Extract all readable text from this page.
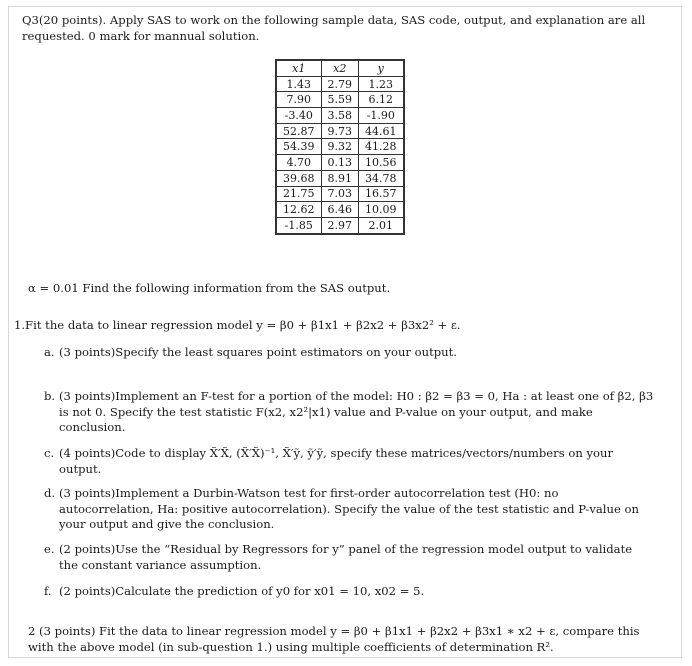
Q3(20 points). Apply SAS to work on the following sample data, SAS code, output, and explanation are all requested. 0 mark for mannual solution.
x1	x2	y
1.43	2.79	1.23
7.90	5.59	6.12
-3.40	3.58	-1.90
52.87	9.73	44.61
54.39	9.32	41.28
4.70	0.13	10.56
39.68	8.91	34.78
21.75	7.03	16.57
12.62	6.46	10.09
-1.85	2.97	2.01
α = 0.01 Find the following information from the SAS output.
1.Fit the data to linear regression model y = β0 + β1x1 + β2x2 + β3x2² + ε.
a. (3 points)Specify the least squares point estimators on your output.
b. (3 points)Implement an F-test for a portion of the model: H0 : β2 = β3 = 0, Ha : at least one of β2, β3 is not 0. Specify the test statistic F(x2, x2²|x1) value and P-value on your output, and make conclusion.
c. (4 points)Code to display X̃′X̃, (X̃′X̃)⁻¹, X̃′ỹ, ỹ′ỹ, specify these matrices/vectors/numbers on your output.
d. (3 points)Implement a Durbin-Watson test for first-order autocorrelation test (H0: no autocorrelation, Ha: positive autocorrelation). Specify the value of the test statistic and P-value on your output and give the conclusion.
e. (2 points)Use the “Residual by Regressors for y” panel of the regression model output to validate the constant variance assumption.
f. (2 points)Calculate the prediction of y0 for x01 = 10, x02 = 5.
2 (3 points) Fit the data to linear regression model y = β0 + β1x1 + β2x2 + β3x1 ∗ x2 + ε, compare this with the above model (in sub-question 1.) using multiple coefficients of determination R².
